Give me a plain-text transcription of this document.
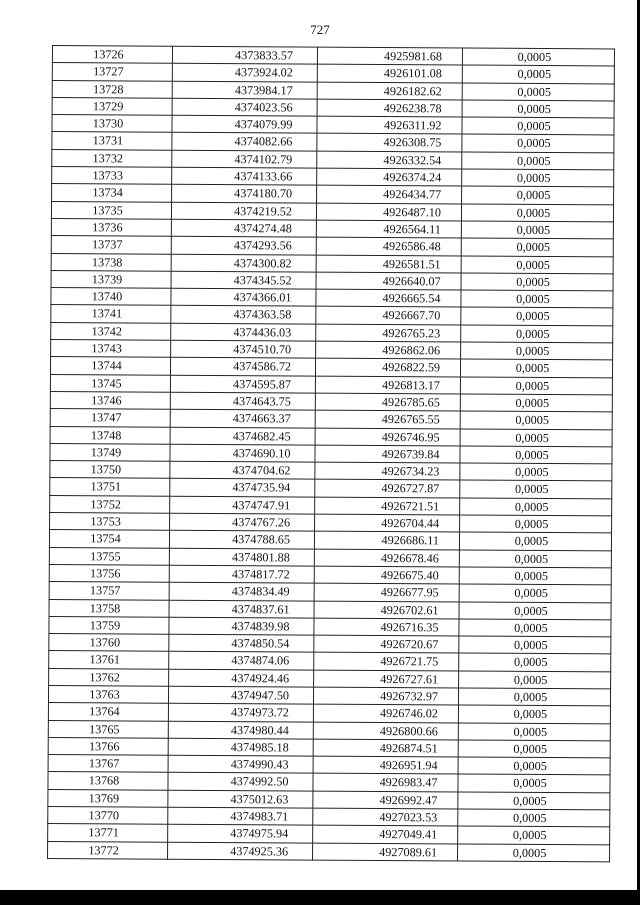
727
13726	4373833.57	4925981.68	0,0005
13727	4373924.02	4926101.08	0,0005
13728	4373984.17	4926182.62	0,0005
13729	4374023.56	4926238.78	0,0005
13730	4374079.99	4926311.92	0,0005
13731	4374082.66	4926308.75	0,0005
13732	4374102.79	4926332.54	0,0005
13733	4374133.66	4926374.24	0,0005
13734	4374180.70	4926434.77	0,0005
13735	4374219.52	4926487.10	0,0005
13736	4374274.48	4926564.11	0,0005
13737	4374293.56	4926586.48	0,0005
13738	4374300.82	4926581.51	0,0005
13739	4374345.52	4926640.07	0,0005
13740	4374366.01	4926665.54	0,0005
13741	4374363.58	4926667.70	0,0005
13742	4374436.03	4926765.23	0,0005
13743	4374510.70	4926862.06	0,0005
13744	4374586.72	4926822.59	0,0005
13745	4374595.87	4926813.17	0,0005
13746	4374643.75	4926785.65	0,0005
13747	4374663.37	4926765.55	0,0005
13748	4374682.45	4926746.95	0,0005
13749	4374690.10	4926739.84	0,0005
13750	4374704.62	4926734.23	0,0005
13751	4374735.94	4926727.87	0,0005
13752	4374747.91	4926721.51	0,0005
13753	4374767.26	4926704.44	0,0005
13754	4374788.65	4926686.11	0,0005
13755	4374801.88	4926678.46	0,0005
13756	4374817.72	4926675.40	0,0005
13757	4374834.49	4926677.95	0,0005
13758	4374837.61	4926702.61	0,0005
13759	4374839.98	4926716.35	0,0005
13760	4374850.54	4926720.67	0,0005
13761	4374874.06	4926721.75	0,0005
13762	4374924.46	4926727.61	0,0005
13763	4374947.50	4926732.97	0,0005
13764	4374973.72	4926746.02	0,0005
13765	4374980.44	4926800.66	0,0005
13766	4374985.18	4926874.51	0,0005
13767	4374990.43	4926951.94	0,0005
13768	4374992.50	4926983.47	0,0005
13769	4375012.63	4926992.47	0,0005
13770	4374983.71	4927023.53	0,0005
13771	4374975.94	4927049.41	0,0005
13772	4374925.36	4927089.61	0,0005
